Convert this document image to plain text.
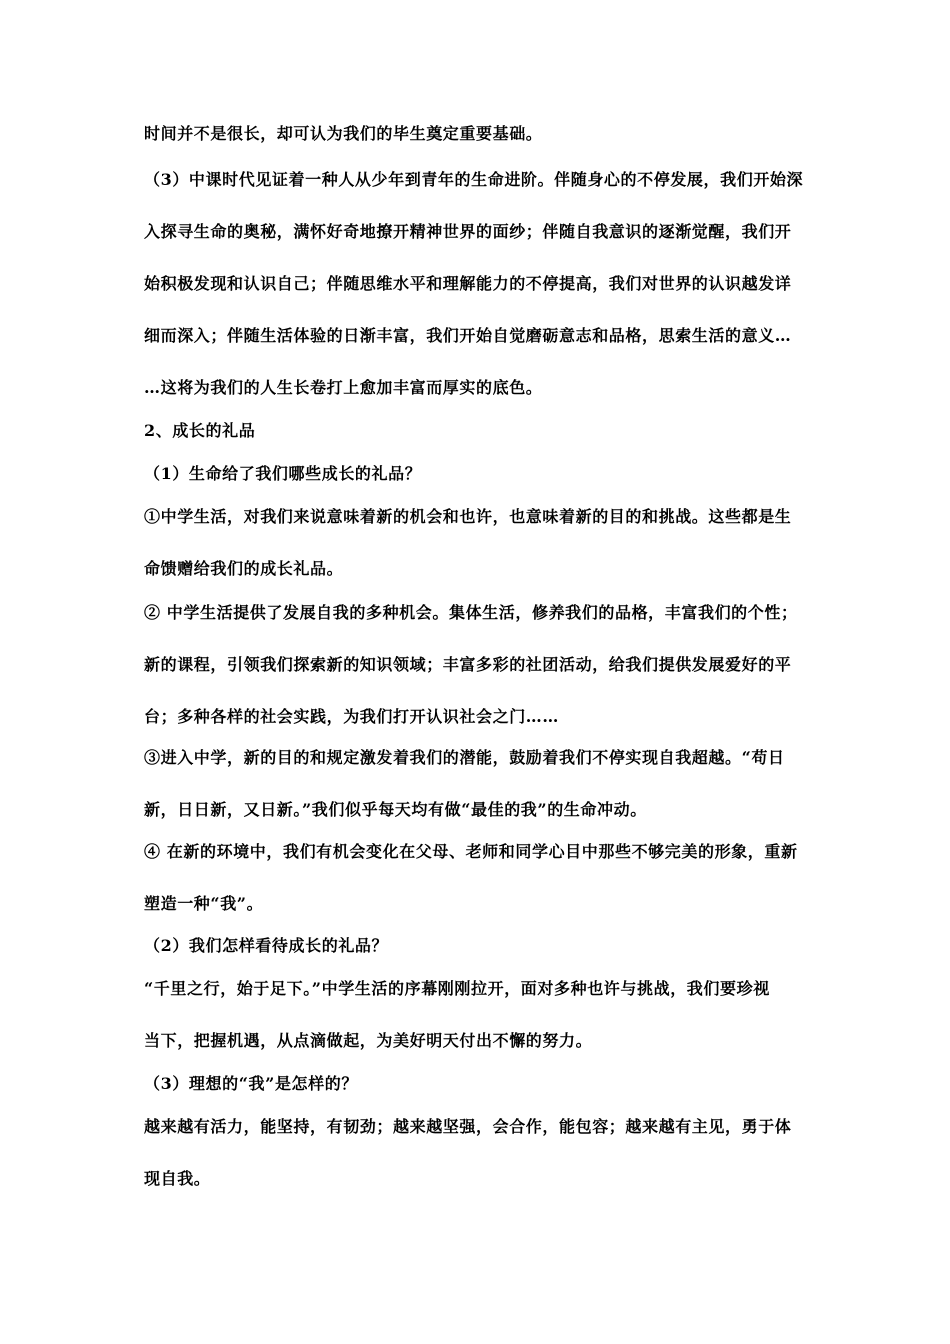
时间并不是很长，却可认为我们的毕生奠定重要基础。
（3）中课时代见证着一种人从少年到青年的生命进阶。伴随身心的不停发展，我们开始深
入探寻生命的奥秘，满怀好奇地撩开精神世界的面纱；伴随自我意识的逐渐觉醒，我们开
始积极发现和认识自己；伴随思维水平和理解能力的不停提高，我们对世界的认识越发详
细而深入；伴随生活体验的日渐丰富，我们开始自觉磨砺意志和品格，思索生活的意义…
…这将为我们的人生长卷打上愈加丰富而厚实的底色。
2、成长的礼品
（1）生命给了我们哪些成长的礼品？
①中学生活，对我们来说意味着新的机会和也许，也意味着新的目的和挑战。这些都是生
命馈赠给我们的成长礼品。
② 中学生活提供了发展自我的多种机会。集体生活，修养我们的品格，丰富我们的个性；
新的课程，引领我们探索新的知识领域；丰富多彩的社团活动，给我们提供发展爱好的平
台；多种各样的社会实践，为我们打开认识社会之门……
③进入中学，新的目的和规定激发着我们的潜能，鼓励着我们不停实现自我超越。“苟日
新，日日新，又日新。”我们似乎每天均有做“最佳的我”的生命冲动。
④ 在新的环境中，我们有机会变化在父母、老师和同学心目中那些不够完美的形象，重新
塑造一种“我”。
（2）我们怎样看待成长的礼品？
“千里之行，始于足下。”中学生活的序幕刚刚拉开，面对多种也许与挑战，我们要珍视
当下，把握机遇，从点滴做起，为美好明天付出不懈的努力。
（3）理想的“我”是怎样的？
越来越有活力，能坚持，有韧劲；越来越坚强，会合作，能包容；越来越有主见，勇于体
现自我。
